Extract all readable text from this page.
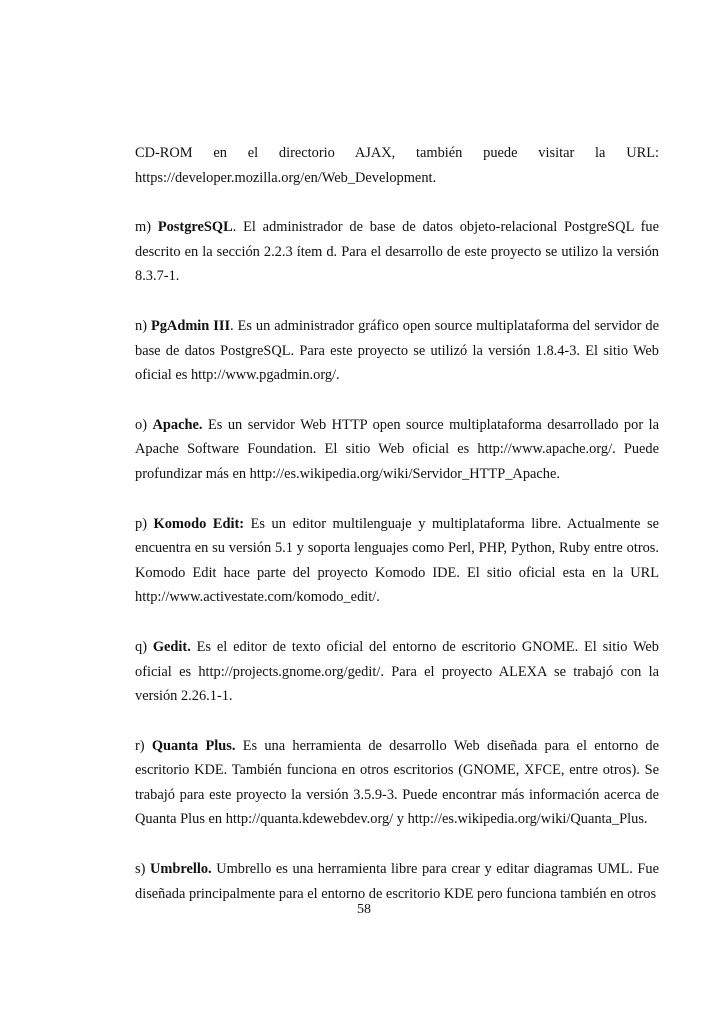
CD-ROM en el directorio AJAX, también puede visitar la URL:
https://developer.mozilla.org/en/Web_Development.

m) PostgreSQL. El administrador de base de datos objeto-relacional PostgreSQL fue descrito en la sección 2.2.3 ítem d. Para el desarrollo de este proyecto se utilizo la versión 8.3.7-1.

n) PgAdmin III. Es un administrador gráfico open source multiplataforma del servidor de base de datos PostgreSQL. Para este proyecto se utilizó la versión 1.8.4-3. El sitio Web oficial es http://www.pgadmin.org/.

o) Apache. Es un servidor Web HTTP open source multiplataforma desarrollado por la Apache Software Foundation. El sitio Web oficial es http://www.apache.org/. Puede profundizar más en http://es.wikipedia.org/wiki/Servidor_HTTP_Apache.

p) Komodo Edit: Es un editor multilenguaje y multiplataforma libre. Actualmente se encuentra en su versión 5.1 y soporta lenguajes como Perl, PHP, Python, Ruby entre otros. Komodo Edit hace parte del proyecto Komodo IDE. El sitio oficial esta en la URL http://www.activestate.com/komodo_edit/.

q) Gedit. Es el editor de texto oficial del entorno de escritorio GNOME. El sitio Web oficial es http://projects.gnome.org/gedit/. Para el proyecto ALEXA se trabajó con la versión 2.26.1-1.

r) Quanta Plus. Es una herramienta de desarrollo Web diseñada para el entorno de escritorio KDE. También funciona en otros escritorios (GNOME, XFCE, entre otros). Se trabajó para este proyecto la versión 3.5.9-3. Puede encontrar más información acerca de Quanta Plus en http://quanta.kdewebdev.org/ y http://es.wikipedia.org/wiki/Quanta_Plus.

s) Umbrello. Umbrello es una herramienta libre para crear y editar diagramas UML. Fue diseñada principalmente para el entorno de escritorio KDE pero funciona también en otros

58
